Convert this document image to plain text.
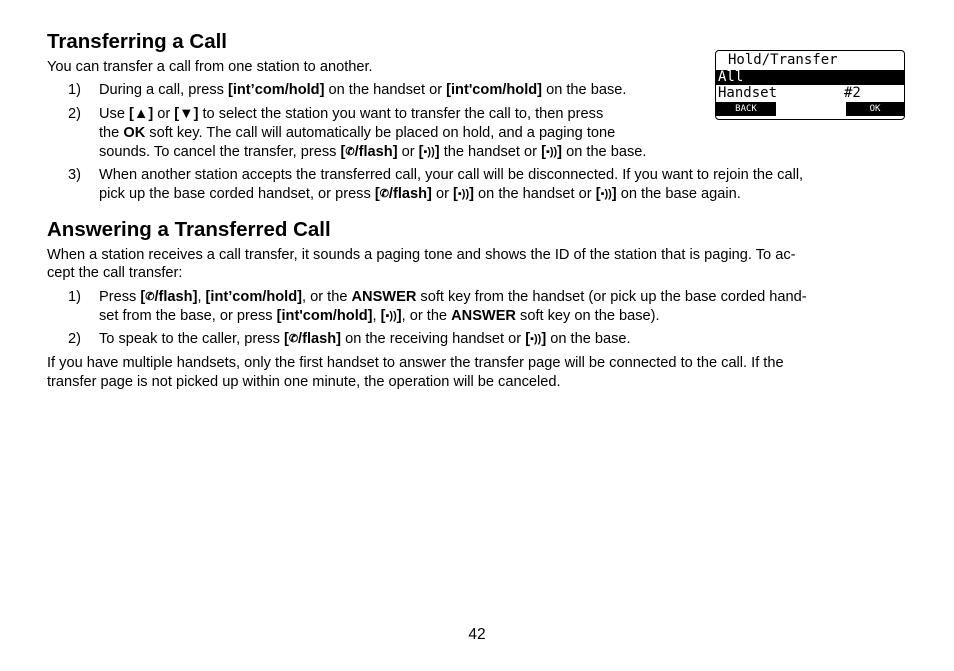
Transferring a Call

You can transfer a call from one station to another.

1) During a call, press [int’com/hold] on the handset or [int'com/hold] on the base.

2) Use [▲] or [▼] to select the station you want to transfer the call to, then press

the OK soft key. The call will automatically be placed on hold, and a paging tone

sounds. To cancel the transfer, press [✆/flash] or [▪))] the handset or [▪))] on the base.

3) When another station accepts the transferred call, your call will be disconnected. If you want to rejoin the call,

pick up the base corded handset, or press [✆/flash] or [▪))] on the handset or [▪))] on the base again.

Hold/Transfer
All
Handset	#2
BACK	OK
Answering a Transferred Call

When a station receives a call transfer, it sounds a paging tone and shows the ID of the station that is paging. To ac-

cept the call transfer:

1) Press [✆/flash], [int’com/hold], or the ANSWER soft key from the handset (or pick up the base corded hand-

set from the base, or press [int'com/hold], [▪))], or the ANSWER soft key on the base).

2) To speak to the caller, press [✆/flash] on the receiving handset or [▪))] on the base.

If you have multiple handsets, only the first handset to answer the transfer page will be connected to the call. If the

transfer page is not picked up within one minute, the operation will be canceled.

42
